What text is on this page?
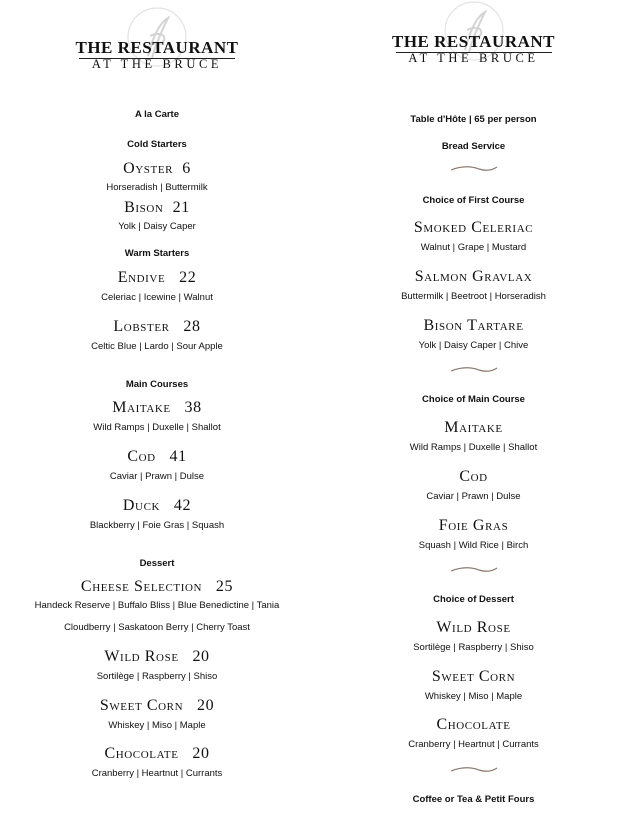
THE RESTAURANT
AT THE BRUCE
A la Carte
Cold Starters
Oyster  6
Horseradish | Buttermilk
Bison  21
Yolk | Daisy Caper
Warm Starters
Endive   22
Celeriac | Icewine | Walnut
Lobster   28
Celtic Blue | Lardo | Sour Apple
Main Courses
Maitake   38
Wild Ramps | Duxelle | Shallot
Cod   41
Caviar | Prawn | Dulse
Duck   42
Blackberry | Foie Gras | Squash
Dessert
Cheese Selection   25
Handeck Reserve | Buffalo Bliss | Blue Benedictine | Tania
Cloudberry | Saskatoon Berry | Cherry Toast
Wild Rose   20
Sortilège | Raspberry | Shiso
Sweet Corn   20
Whiskey | Miso | Maple
Chocolate   20
Cranberry | Heartnut | Currants
THE RESTAURANT
AT THE BRUCE
Table d'Hôte | 65 per person
Bread Service
Choice of First Course
Smoked Celeriac
Walnut | Grape | Mustard
Salmon Gravlax
Buttermilk | Beetroot | Horseradish
Bison Tartare
Yolk | Daisy Caper | Chive
Choice of Main Course
Maitake
Wild Ramps | Duxelle | Shallot
Cod
Caviar | Prawn | Dulse
Foie Gras
Squash | Wild Rice | Birch
Choice of Dessert
Wild Rose
Sortilège | Raspberry | Shiso
Sweet Corn
Whiskey | Miso | Maple
Chocolate
Cranberry | Heartnut | Currants
Coffee or Tea & Petit Fours
